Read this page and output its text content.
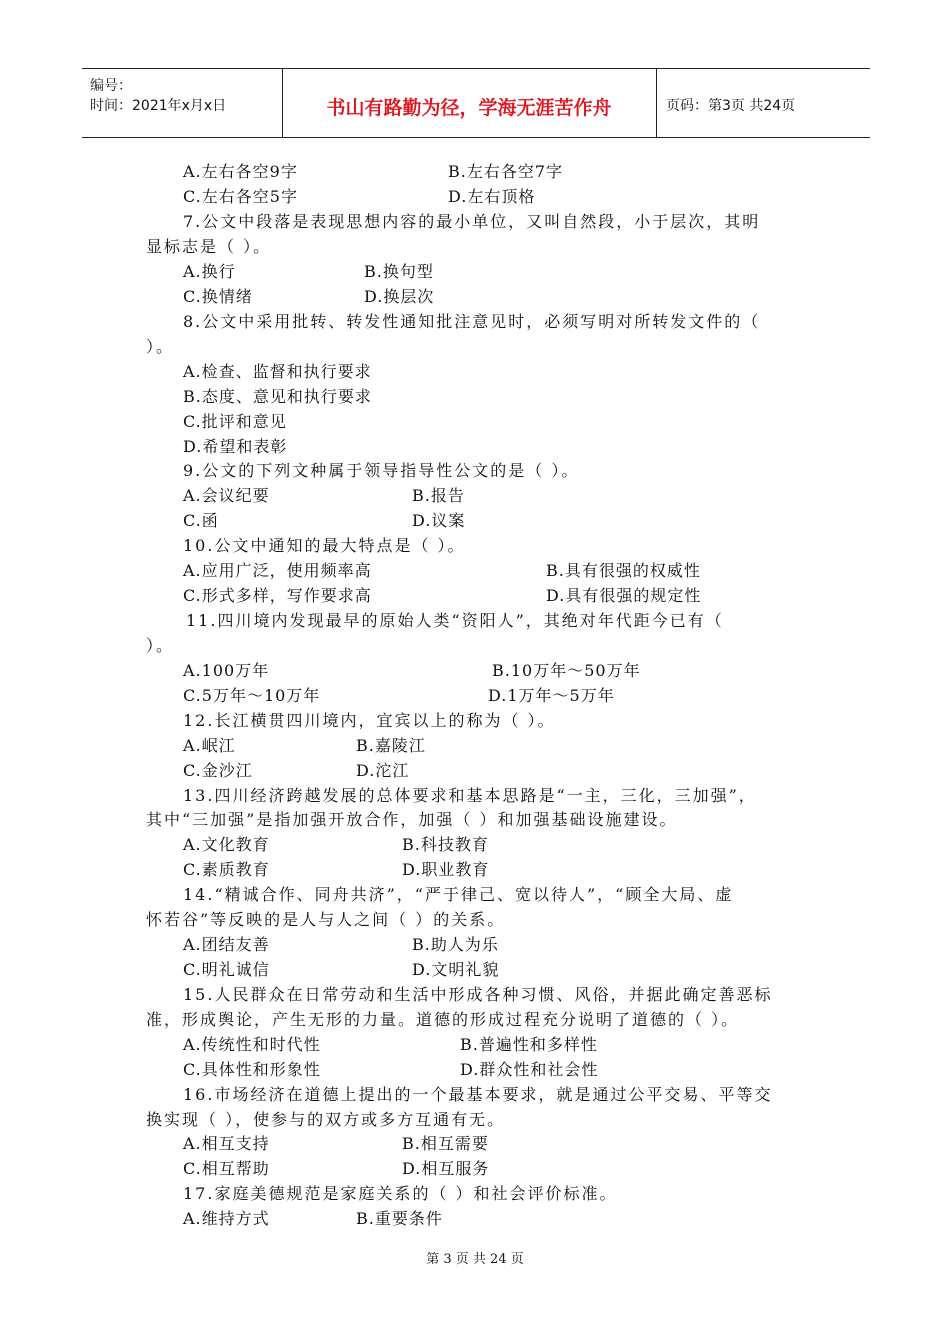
编号：
时间：2021年x月x日	书山有路勤为径，学海无涯苦作舟	页码：第3页 共24页
A.左右各空9字	B.左右各空7字
C.左右各空5字	D.左右顶格
7.公文中段落是表现思想内容的最小单位，又叫自然段，小于层次，其明
显标志是（ ）。
A.换行	B.换句型
C.换情绪	D.换层次
8.公文中采用批转、转发性通知批注意见时，必须写明对所转发文件的（
）。
A.检查、监督和执行要求
B.态度、意见和执行要求
C.批评和意见
D.希望和表彰
9.公文的下列文种属于领导指导性公文的是（ ）。
A.会议纪要	B.报告
C.函	D.议案
10.公文中通知的最大特点是（ ）。
A.应用广泛，使用频率高	B.具有很强的权威性
C.形式多样，写作要求高	D.具有很强的规定性
11.四川境内发现最早的原始人类“资阳人”，其绝对年代距今已有（
）。
A.100万年	B.10万年～50万年
C.5万年～10万年	D.1万年～5万年
12.长江横贯四川境内，宜宾以上的称为（ ）。
A.岷江	B.嘉陵江
C.金沙江	D.沱江
13.四川经济跨越发展的总体要求和基本思路是“一主，三化，三加强”，
其中“三加强”是指加强开放合作，加强（ ）和加强基础设施建设。
A.文化教育	B.科技教育
C.素质教育	D.职业教育
14.“精诚合作、同舟共济”，“严于律己、宽以待人”，“顾全大局、虚
怀若谷”等反映的是人与人之间（ ）的关系。
A.团结友善	B.助人为乐
C.明礼诚信	D.文明礼貌
15.人民群众在日常劳动和生活中形成各种习惯、风俗，并据此确定善恶标
准，形成舆论，产生无形的力量。道德的形成过程充分说明了道德的（ ）。
A.传统性和时代性	B.普遍性和多样性
C.具体性和形象性	D.群众性和社会性
16.市场经济在道德上提出的一个最基本要求，就是通过公平交易、平等交
换实现（ ），使参与的双方或多方互通有无。
A.相互支持	B.相互需要
C.相互帮助	D.相互服务
17.家庭美德规范是家庭关系的（ ）和社会评价标准。
A.维持方式	B.重要条件
第 3 页 共 24 页
